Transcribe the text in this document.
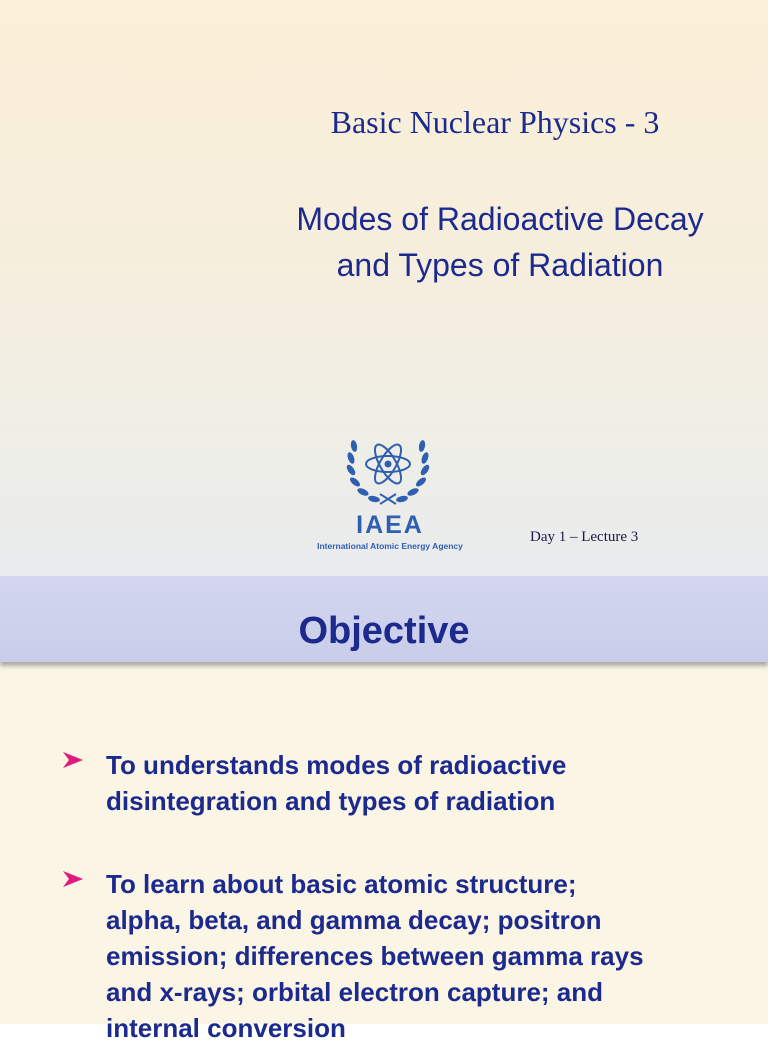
Basic Nuclear Physics - 3
Modes of Radioactive Decay
and Types of Radiation
IAEA
International Atomic Energy Agency
Day 1 – Lecture 3
Objective
To understands modes of radioactive
disintegration and types of radiation
To learn about basic atomic structure;
alpha, beta, and gamma decay; positron
emission; differences between gamma rays
and x-rays; orbital electron capture; and
internal conversion
